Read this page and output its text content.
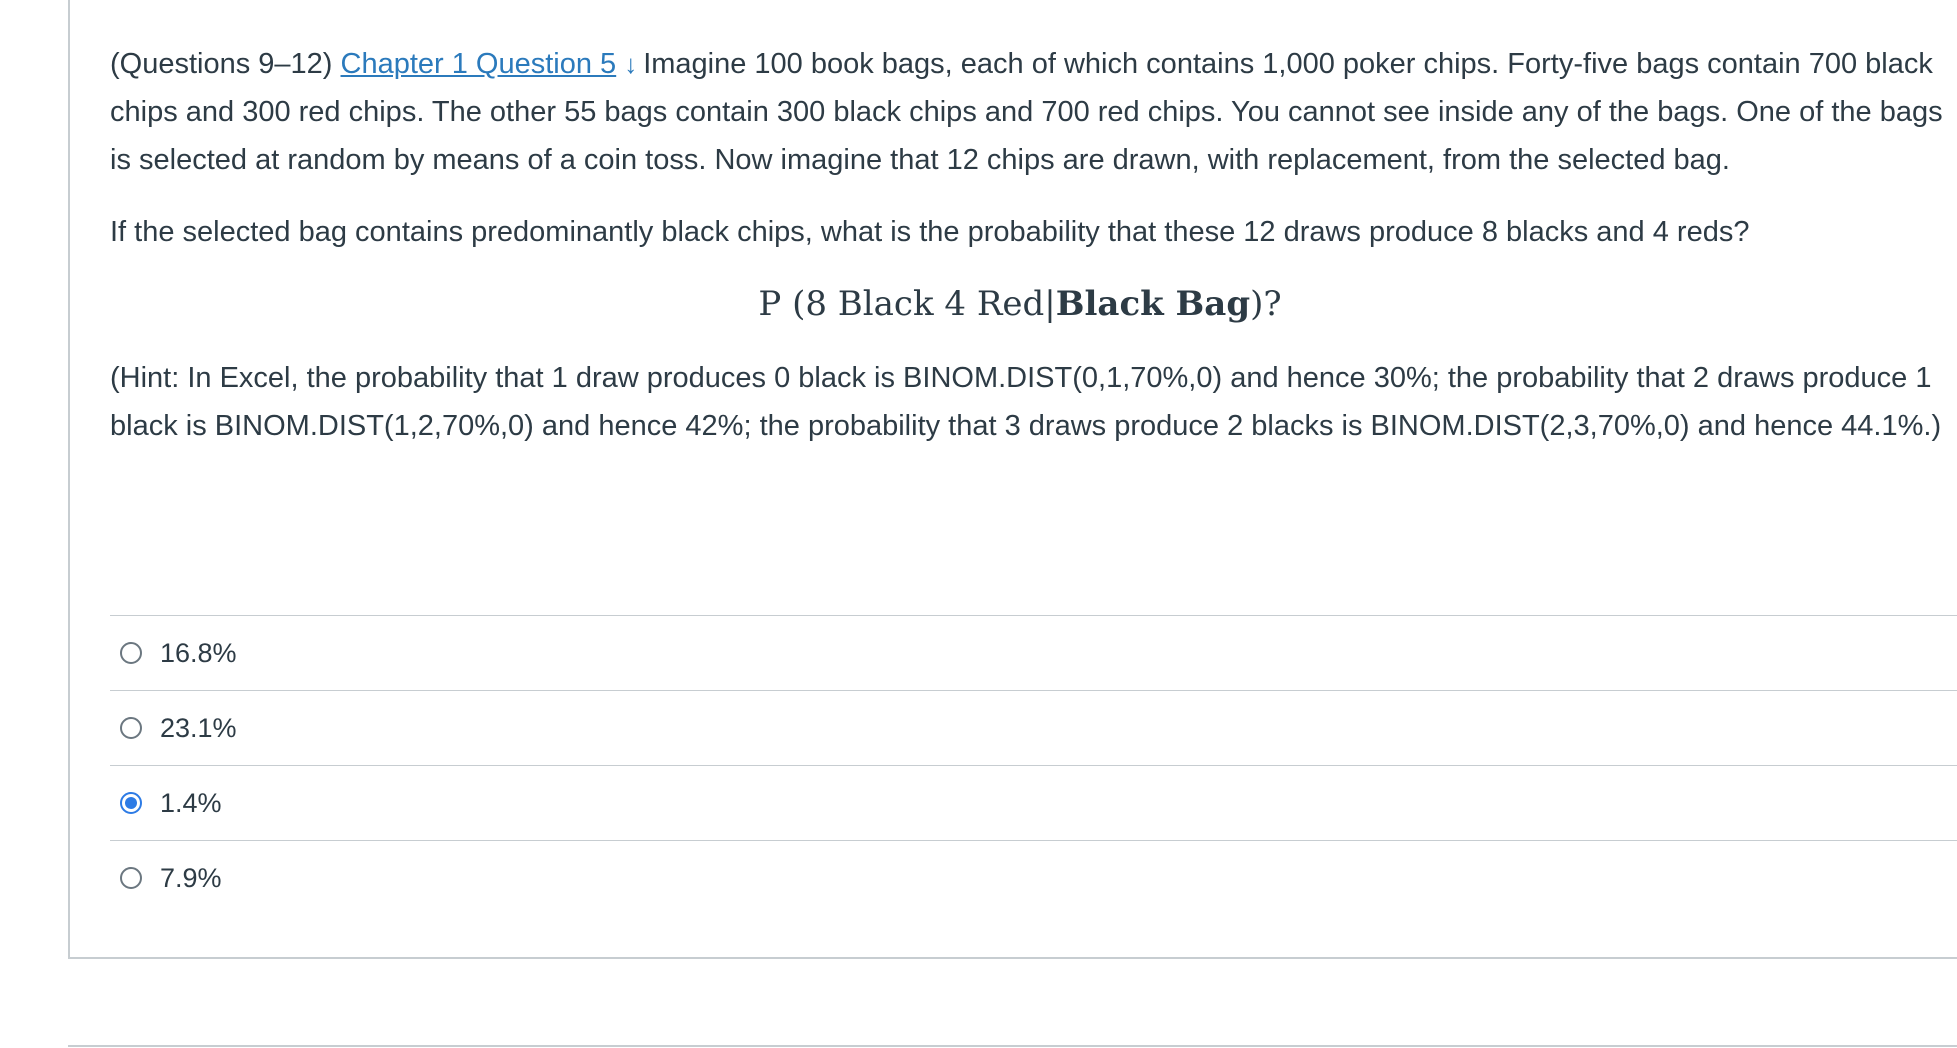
(Questions 9–12) Chapter 1 Question 5 ↓ Imagine 100 book bags, each of which contains 1,000 poker chips. Forty-five bags contain 700 black chips and 300 red chips. The other 55 bags contain 300 black chips and 700 red chips. You cannot see inside any of the bags. One of the bags is selected at random by means of a coin toss. Now imagine that 12 chips are drawn, with replacement, from the selected bag.

If the selected bag contains predominantly black chips, what is the probability that these 12 draws produce 8 blacks and 4 reds?

P (8 Black 4 Red|Black Bag)?

(Hint: In Excel, the probability that 1 draw produces 0 black is BINOM.DIST(0,1,70%,0) and hence 30%; the probability that 2 draws produce 1 black is BINOM.DIST(1,2,70%,0) and hence 42%; the probability that 3 draws produce 2 blacks is BINOM.DIST(2,3,70%,0) and hence 44.1%.)

16.8%
23.1%
1.4%
7.9%
